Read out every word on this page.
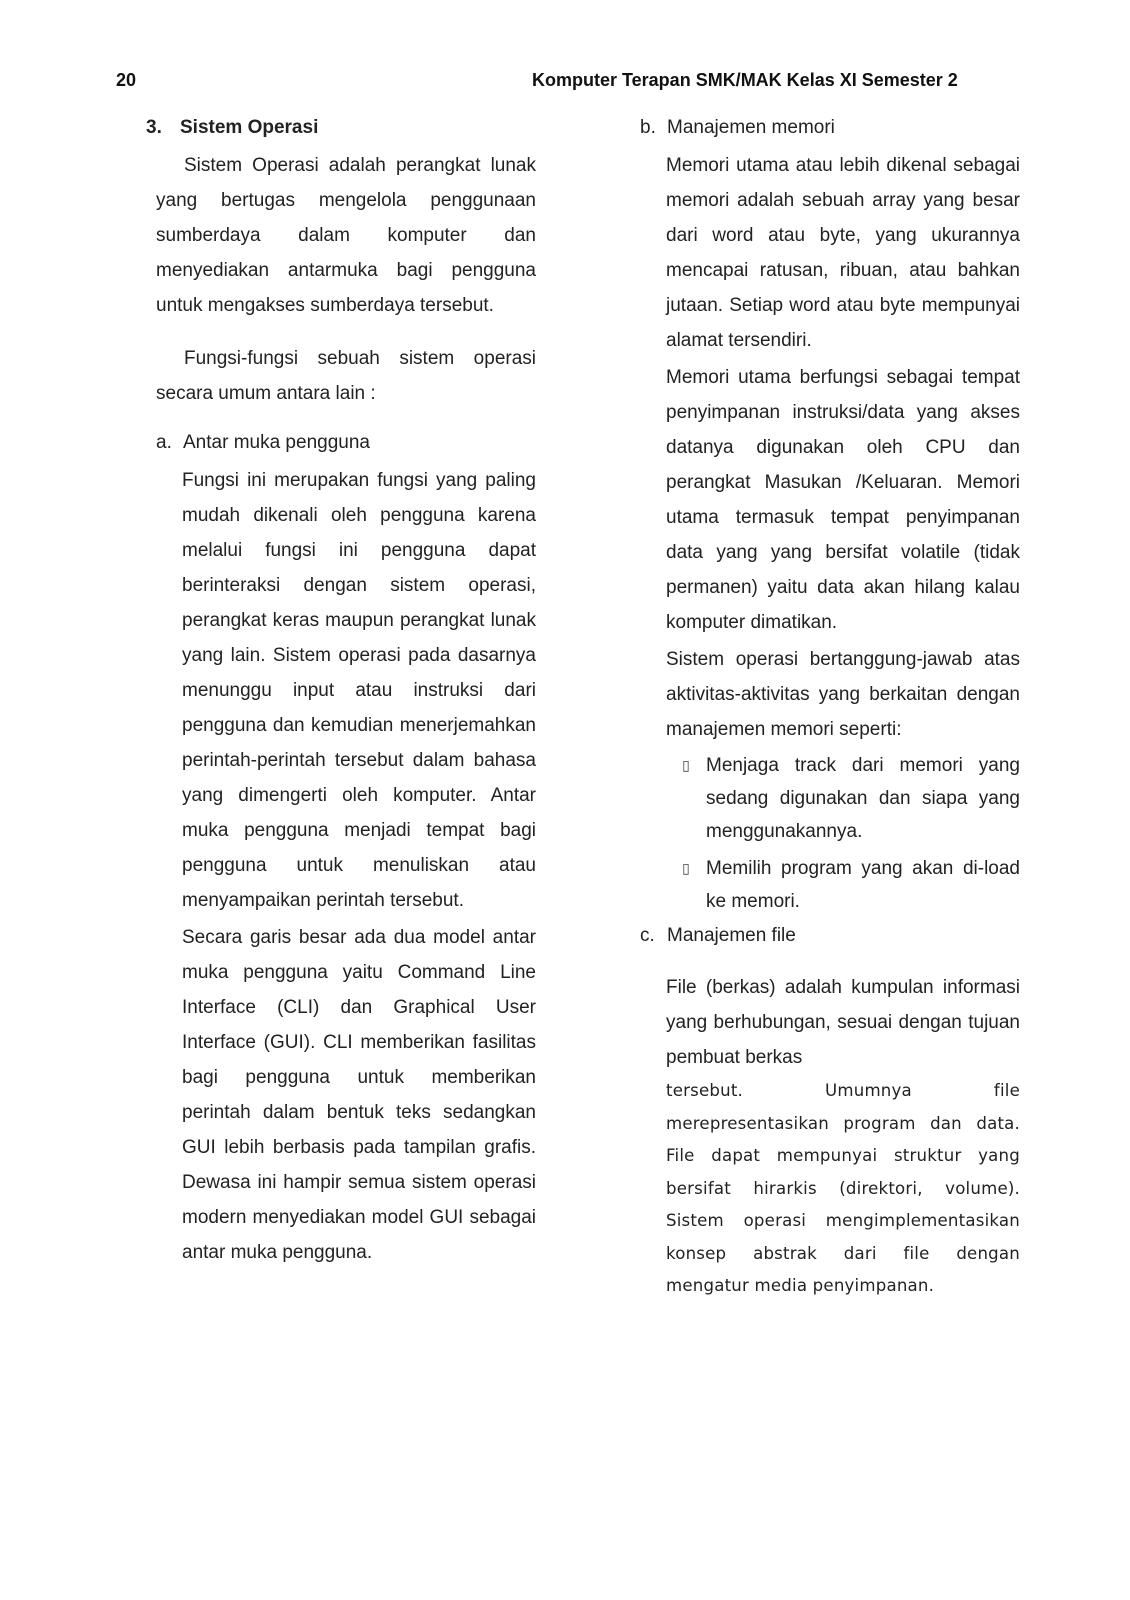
20	Komputer Terapan SMK/MAK Kelas XI Semester 2
3. Sistem Operasi

Sistem Operasi adalah perangkat lunak yang bertugas mengelola penggunaan sumberdaya dalam komputer dan menyediakan antarmuka bagi pengguna untuk mengakses sumberdaya tersebut.

Fungsi-fungsi sebuah sistem operasi secara umum antara lain :

a. Antar muka pengguna

Fungsi ini merupakan fungsi yang paling mudah dikenali oleh pengguna karena melalui fungsi ini pengguna dapat berinteraksi dengan sistem operasi, perangkat keras maupun perangkat lunak yang lain. Sistem operasi pada dasarnya menunggu input atau instruksi dari pengguna dan kemudian menerjemahkan perintah-perintah tersebut dalam bahasa yang dimengerti oleh komputer. Antar muka pengguna menjadi tempat bagi pengguna untuk menuliskan atau menyampaikan perintah tersebut.

Secara garis besar ada dua model antar muka pengguna yaitu Command Line Interface (CLI) dan Graphical User Interface (GUI). CLI memberikan fasilitas bagi pengguna untuk memberikan perintah dalam bentuk teks sedangkan GUI lebih berbasis pada tampilan grafis. Dewasa ini hampir semua sistem operasi modern menyediakan model GUI sebagai antar muka pengguna.

b. Manajemen memori

Memori utama atau lebih dikenal sebagai memori adalah sebuah array yang besar dari word atau byte, yang ukurannya mencapai ratusan, ribuan, atau bahkan jutaan. Setiap word atau byte mempunyai alamat tersendiri.

Memori utama berfungsi sebagai tempat penyimpanan instruksi/data yang akses datanya digunakan oleh CPU dan perangkat Masukan /Keluaran. Memori utama termasuk tempat penyimpanan data yang yang bersifat volatile (tidak permanen) yaitu data akan hilang kalau komputer dimatikan.

Sistem operasi bertanggung-jawab atas aktivitas-aktivitas yang berkaitan dengan manajemen memori seperti:

▯ Menjaga track dari memori yang sedang digunakan dan siapa yang menggunakannya.
▯ Memilih program yang akan di-load ke memori.
c. Manajemen file

File (berkas) adalah kumpulan informasi yang berhubungan, sesuai dengan tujuan pembuat berkas

tersebut. Umumnya file merepresentasikan program dan data. File dapat mempunyai struktur yang bersifat hirarkis (direktori, volume). Sistem operasi mengimplementasikan konsep abstrak dari file dengan mengatur media penyimpanan.
